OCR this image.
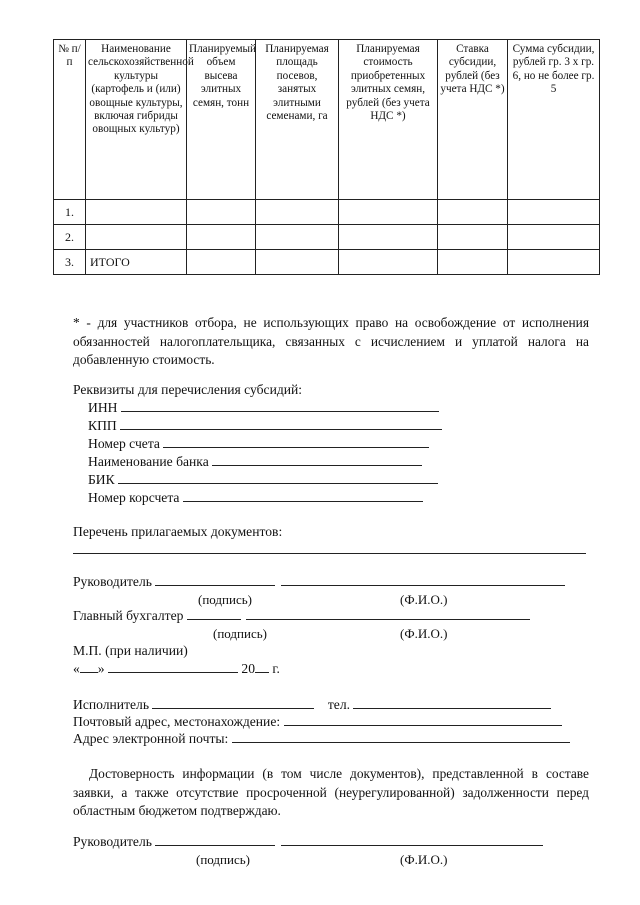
№ п/п	Наименование сельскохозяйственной культуры (картофель и (или) овощные культуры, включая гибриды овощных культур)	Планируемый объем высева элитных семян, тонн	Планируемая площадь посевов, занятых элитными семенами, га	Планируемая стоимость приобретенных элитных семян, рублей (без учета НДС *)	Ставка субсидии, рублей (без учета НДС *)	Сумма субсидии, рублей гр. 3 х гр. 6, но не более гр. 5
1.						
2.						
3.	ИТОГО					
* - для участников отбора, не использующих право на освобождение от исполнения обязанностей налогоплательщика, связанных с исчислением и уплатой налога на добавленную стоимость.
Реквизиты для перечисления субсидий:
ИНН
КПП
Номер счета
Наименование банка
БИК
Номер корсчета
Перечень прилагаемых документов:
Руководитель
(подпись)	(Ф.И.О.)
Главный бухгалтер
(подпись)	(Ф.И.О.)
М.П. (при наличии)
« »	20 г.
Исполнитель	тел.
Почтовый адрес, местонахождение:
Адрес электронной почты:
Достоверность информации (в том числе документов), представленной в составе заявки, а также отсутствие просроченной (неурегулированной) задолженности перед областным бюджетом подтверждаю.
Руководитель
(подпись)	(Ф.И.О.)
